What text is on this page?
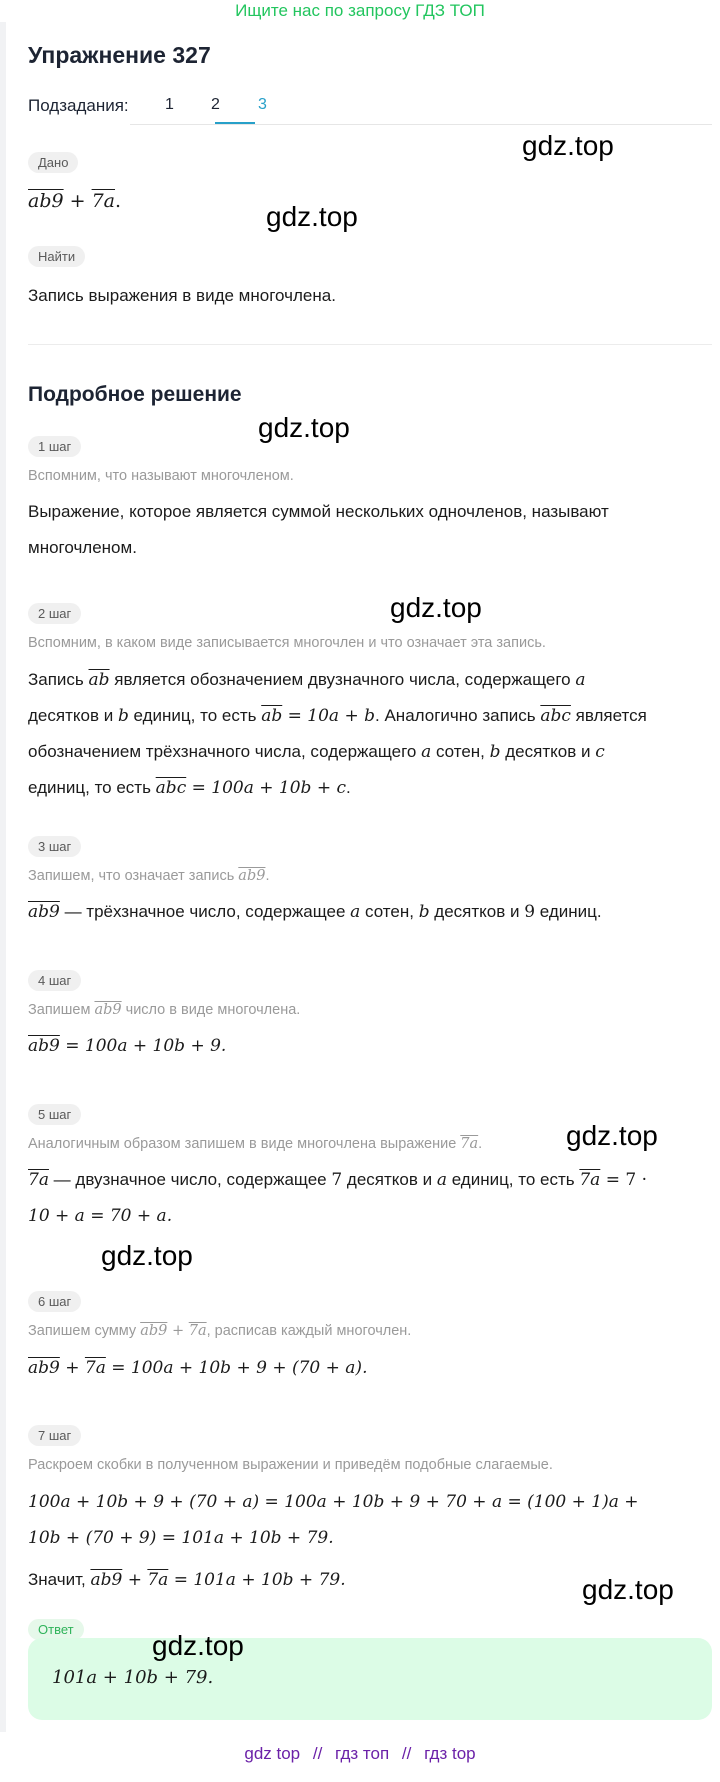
Ищите нас по запросу ГДЗ ТОП
Упражнение 327
Подзадания: 1 2 3
Дано
ab9 + 7a.
Найти
Запись выражения в виде многочлена.
Подробное решение
1 шаг
Вспомним, что называют многочленом.
Выражение, которое является суммой нескольких одночленов, называют
многочленом.
2 шаг
Вспомним, в каком виде записывается многочлен и что означает эта запись.
Запись $\overline{ab}$ является обозначением двузначного числа, содержащего a
десятков и b единиц, то есть $\overline{ab} = 10a + b$. Аналогично запись $\overline{abc}$ является
обозначением трёхзначного числа, содержащего a сотен, b десятков и c
единиц, то есть $\overline{abc} = 100a + 10b + c$.
3 шаг
Запишем, что означает запись ab9.
ab9 — трёхзначное число, содержащее a сотен, b десятков и 9 единиц.
4 шаг
Запишем ab9 число в виде многочлена.
ab9 = 100a + 10b + 9.
5 шаг
Аналогичным образом запишем в виде многочлена выражение 7a.
7a — двузначное число, содержащее 7 десятков и a единиц, то есть 7a = 7 ·
10 + a = 70 + a.
6 шаг
Запишем сумму ab9 + 7a, расписав каждый многочлен.
ab9 + 7a = 100a + 10b + 9 + (70 + a).
7 шаг
Раскроем скобки в полученном выражении и приведём подобные слагаемые.
100a + 10b + 9 + (70 + a) = 100a + 10b + 9 + 70 + a = (100 + 1)a +
10b + (70 + 9) = 101a + 10b + 79.
Значит, ab9 + 7a = 101a + 10b + 79.
Ответ
101a + 10b + 79.
gdz.top
gdz.top
gdz.top
gdz.top
gdz.top
gdz.top
gdz.top
gdz.top
gdz top // гдз топ // гдз top
